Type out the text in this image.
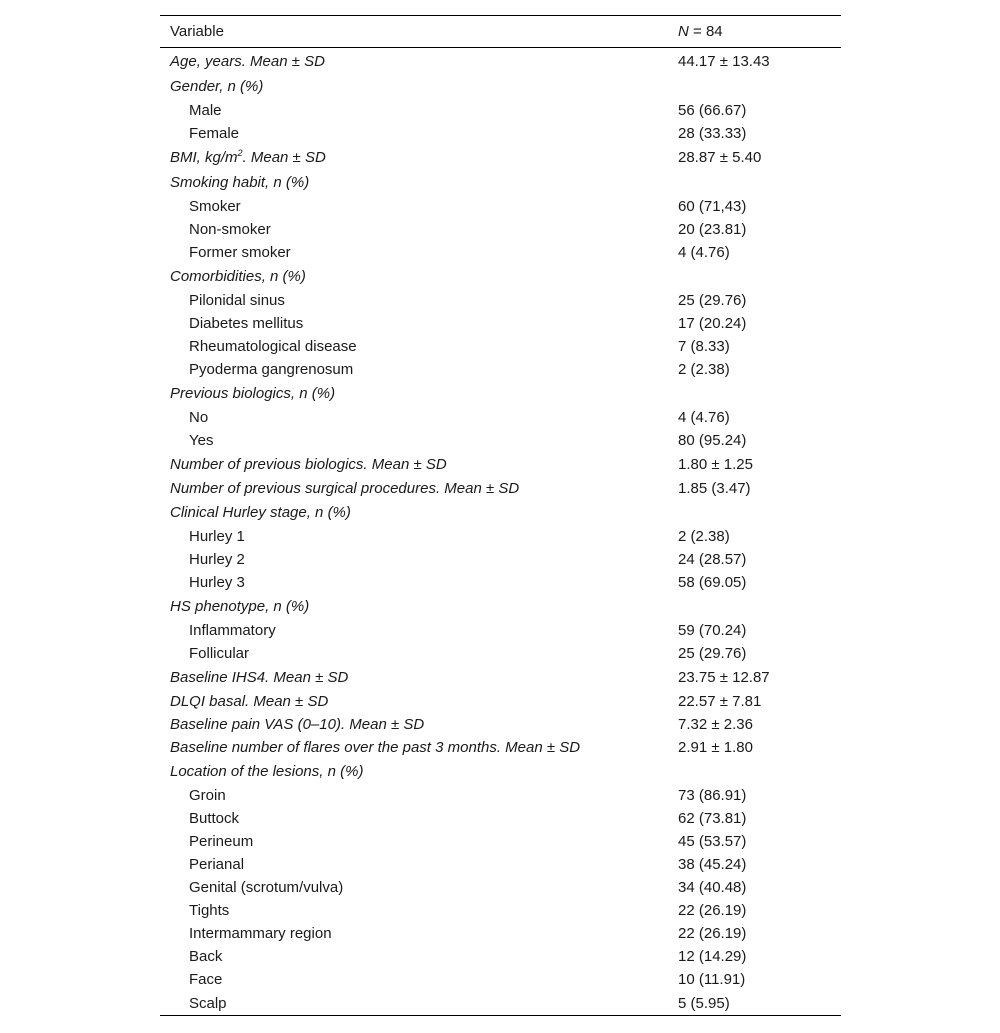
Variable	N = 84
Age, years. Mean ± SD	44.17 ± 13.43
Gender, n (%)
Male	56 (66.67)
Female	28 (33.33)
BMI, $kg/m^2$. Mean ± SD	28.87 ± 5.40
Smoking habit, n (%)
Smoker	60 (71,43)
Non-smoker	20 (23.81)
Former smoker	4 (4.76)
Comorbidities, n (%)
Pilonidal sinus	25 (29.76)
Diabetes mellitus	17 (20.24)
Rheumatological disease	7 (8.33)
Pyoderma gangrenosum	2 (2.38)
Previous biologics, n (%)
No	4 (4.76)
Yes	80 (95.24)
Number of previous biologics. Mean ± SD	1.80 ± 1.25
Number of previous surgical procedures. Mean ± SD	1.85 (3.47)
Clinical Hurley stage, n (%)
Hurley 1	2 (2.38)
Hurley 2	24 (28.57)
Hurley 3	58 (69.05)
HS phenotype, n (%)
Inflammatory	59 (70.24)
Follicular	25 (29.76)
Baseline IHS4. Mean ± SD	23.75 ± 12.87
DLQI basal. Mean ± SD	22.57 ± 7.81
Baseline pain VAS (0–10). Mean ± SD	7.32 ± 2.36
Baseline number of flares over the past 3 months. Mean ± SD	2.91 ± 1.80
Location of the lesions, n (%)
Groin	73 (86.91)
Buttock	62 (73.81)
Perineum	45 (53.57)
Perianal	38 (45.24)
Genital (scrotum/vulva)	34 (40.48)
Tights	22 (26.19)
Intermammary region	22 (26.19)
Back	12 (14.29)
Face	10 (11.91)
Scalp	5 (5.95)
